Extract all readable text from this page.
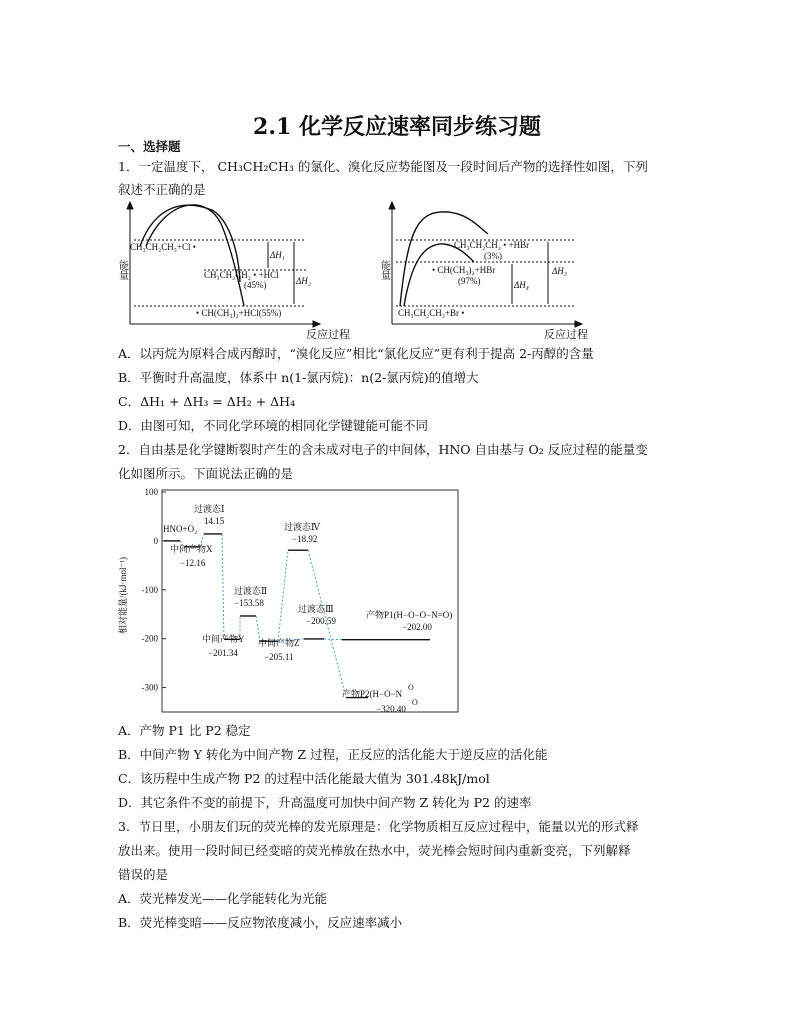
2.1 化学反应速率同步练习题
一、选择题
1．一定温度下， CH₃CH₂CH₃ 的氯化、溴化反应势能图及一段时间后产物的选择性如图，下列
叙述不正确的是
CH₃CH₂CH₃+Cl •
CH₃CH₂CH₂ • +HCl
(45%)
• CH(CH₃)₂+HCl(55%)
ΔH₁
ΔH₂
能量
反应过程
CH₃CH₂CH₂ • +HBr
(3%)
• CH(CH₃)₂+HBr
(97%)
CH₃CH₂CH₃+Br •
ΔH₃
ΔH₄
能量
反应过程
A．以丙烷为原料合成丙醇时，“溴化反应”相比“氯化反应”更有利于提高 2-丙醇的含量
B．平衡时升高温度，体系中 n(1-氯丙烷)：n(2-氯丙烷)的值增大
C．ΔH₁ + ΔH₃ = ΔH₂ + ΔH₄
D．由图可知，不同化学环境的相同化学键键能可能不同
2．自由基是化学键断裂时产生的含未成对电子的中间体，HNO 自由基与 O₂ 反应过程的能量变
化如图所示。下面说法正确的是
相对能量/(kJ·mol⁻¹)
100
0
-100
-200
-300
HNO+O₂
过渡态Ⅰ
14.15
中间产物X
−12.16
过渡态Ⅱ
−153.58
中间产物Y
−201.34
中间产物Z
−205.11
过渡态Ⅳ
−18.92
过渡态Ⅲ
−200.59
产物P1(H−O−O−N=O)
−202.00
产物P2(H−O−N
O
O
−320.40
A．产物 P1 比 P2 稳定
B．中间产物 Y 转化为中间产物 Z 过程，正反应的活化能大于逆反应的活化能
C．该历程中生成产物 P2 的过程中活化能最大值为 301.48kJ/mol
D．其它条件不变的前提下，升高温度可加快中间产物 Z 转化为 P2 的速率
3．节日里，小朋友们玩的荧光棒的发光原理是：化学物质相互反应过程中，能量以光的形式释
放出来。使用一段时间已经变暗的荧光棒放在热水中，荧光棒会短时间内重新变亮，下列解释
错误的是
A．荧光棒发光——化学能转化为光能
B．荧光棒变暗——反应物浓度减小，反应速率减小
